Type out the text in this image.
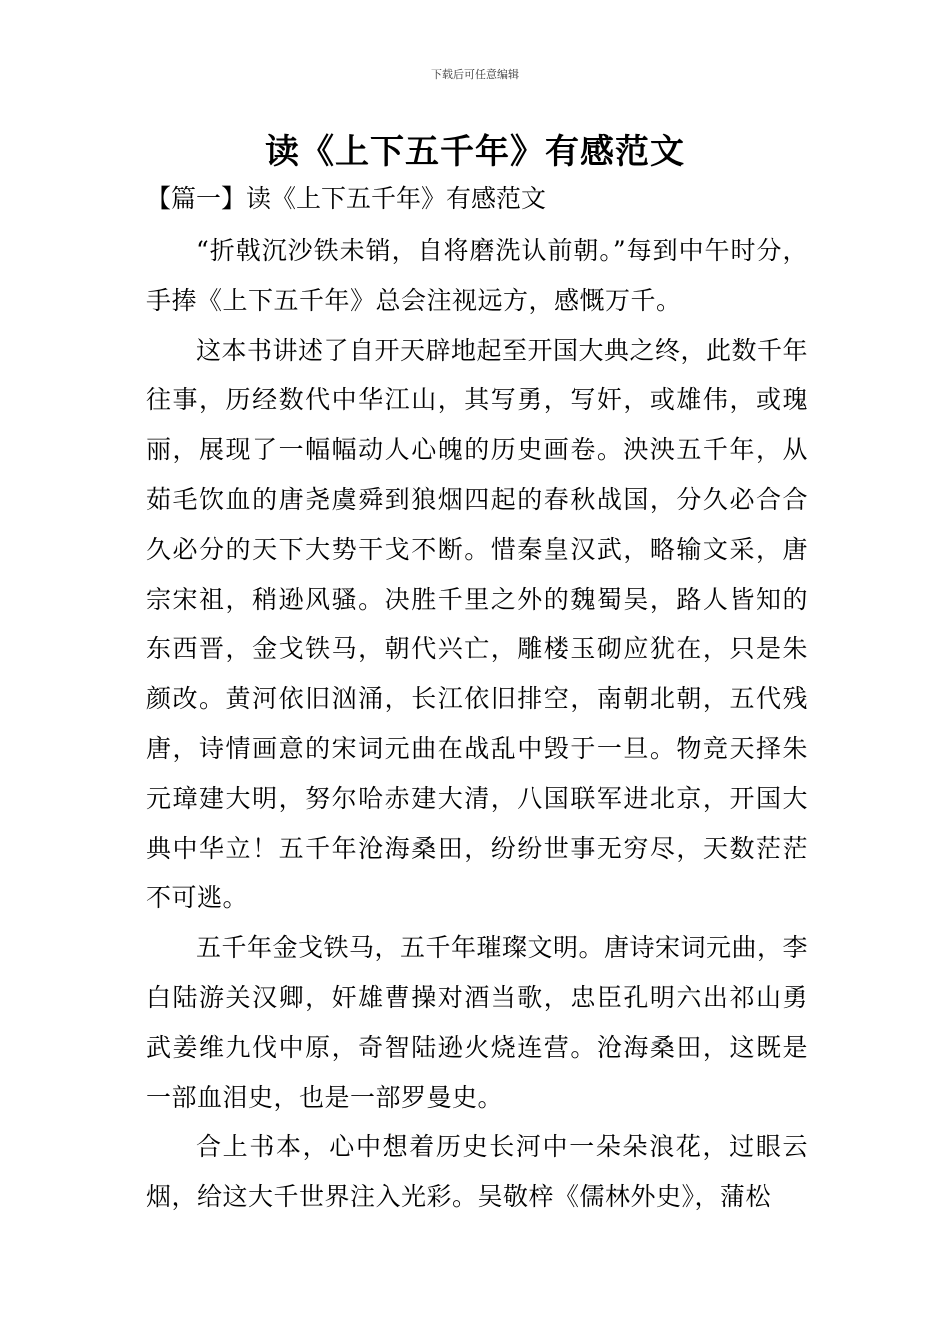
下载后可任意编辑
读《上下五千年》有感范文
【篇一】读《上下五千年》有感范文

“折戟沉沙铁未销，自将磨洗认前朝。”每到中午时分，手捧《上下五千年》总会注视远方，感慨万千。

这本书讲述了自开天辟地起至开国大典之终，此数千年往事，历经数代中华江山，其写勇，写奸，或雄伟，或瑰丽，展现了一幅幅动人心魄的历史画卷。泱泱五千年，从茹毛饮血的唐尧虞舜到狼烟四起的春秋战国，分久必合合久必分的天下大势干戈不断。惜秦皇汉武，略输文采，唐宗宋祖，稍逊风骚。决胜千里之外的魏蜀吴，路人皆知的东西晋，金戈铁马，朝代兴亡，雕楼玉砌应犹在，只是朱颜改。黄河依旧汹涌，长江依旧排空，南朝北朝，五代残唐，诗情画意的宋词元曲在战乱中毁于一旦。物竞天择朱元璋建大明，努尔哈赤建大清，八国联军进北京，开国大典中华立！五千年沧海桑田，纷纷世事无穷尽，天数茫茫不可逃。

五千年金戈铁马，五千年璀璨文明。唐诗宋词元曲，李白陆游关汉卿，奸雄曹操对酒当歌，忠臣孔明六出祁山勇武姜维九伐中原，奇智陆逊火烧连营。沧海桑田，这既是一部血泪史，也是一部罗曼史。

合上书本，心中想着历史长河中一朵朵浪花，过眼云烟，给这大千世界注入光彩。吴敬梓《儒林外史》，蒲松
